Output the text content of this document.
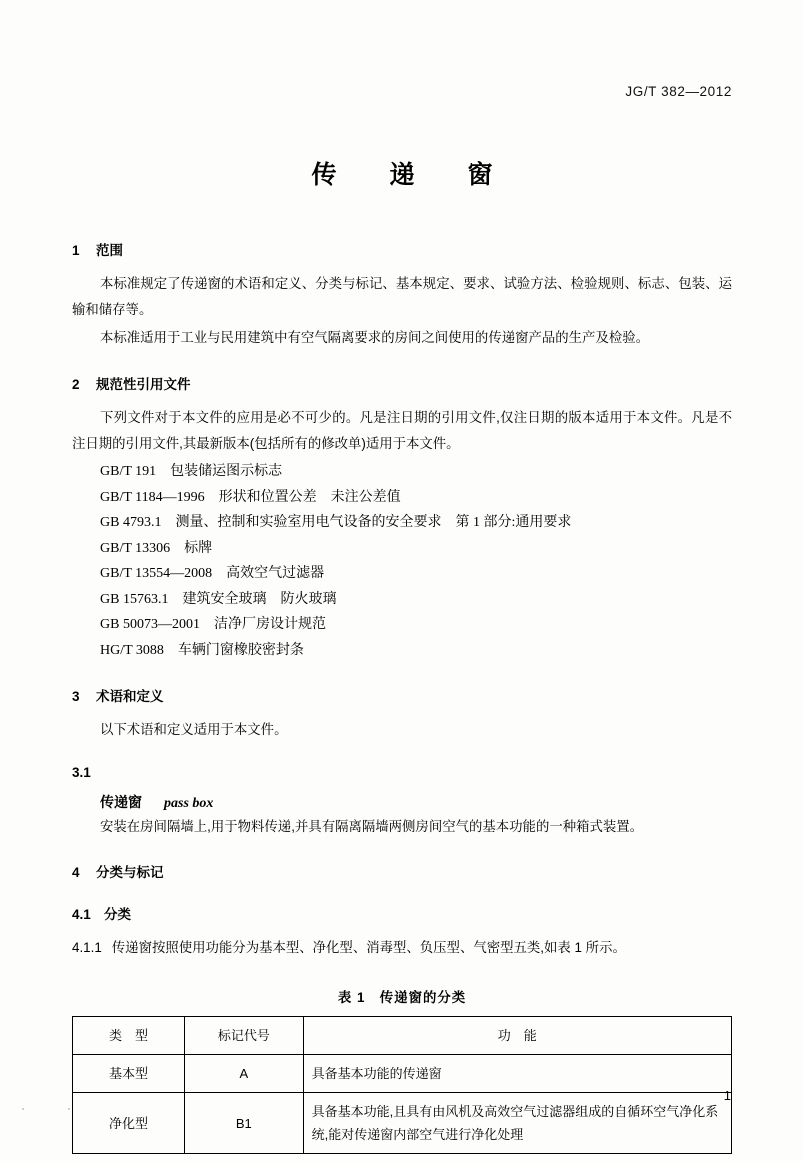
JG/T 382—2012
传　递　窗
1 范围

本标准规定了传递窗的术语和定义、分类与标记、基本规定、要求、试验方法、检验规则、标志、包装、运输和储存等。

本标准适用于工业与民用建筑中有空气隔离要求的房间之间使用的传递窗产品的生产及检验。

2 规范性引用文件

下列文件对于本文件的应用是必不可少的。凡是注日期的引用文件,仅注日期的版本适用于本文件。凡是不注日期的引用文件,其最新版本(包括所有的修改单)适用于本文件。

GB/T 191 包装储运图示标志

GB/T 1184—1996 形状和位置公差　未注公差值

GB 4793.1 测量、控制和实验室用电气设备的安全要求　第 1 部分:通用要求

GB/T 13306 标牌

GB/T 13554—2008 高效空气过滤器

GB 15763.1 建筑安全玻璃　防火玻璃

GB 50073—2001 洁净厂房设计规范

HG/T 3088 车辆门窗橡胶密封条

3 术语和定义

以下术语和定义适用于本文件。

3.1
传递窗 pass box

安装在房间隔墙上,用于物料传递,并具有隔离隔墙两侧房间空气的基本功能的一种箱式装置。

4 分类与标记
4.1 分类

4.1.1 传递窗按照使用功能分为基本型、净化型、消毒型、负压型、气密型五类,如表 1 所示。

表 1　传递窗的分类
类　型	标记代号	功　能
基本型	A	具备基本功能的传递窗
净化型	B1	具备基本功能,且具有由风机及高效空气过滤器组成的自循环空气净化系统,能对传递窗内部空气进行净化处理
1
